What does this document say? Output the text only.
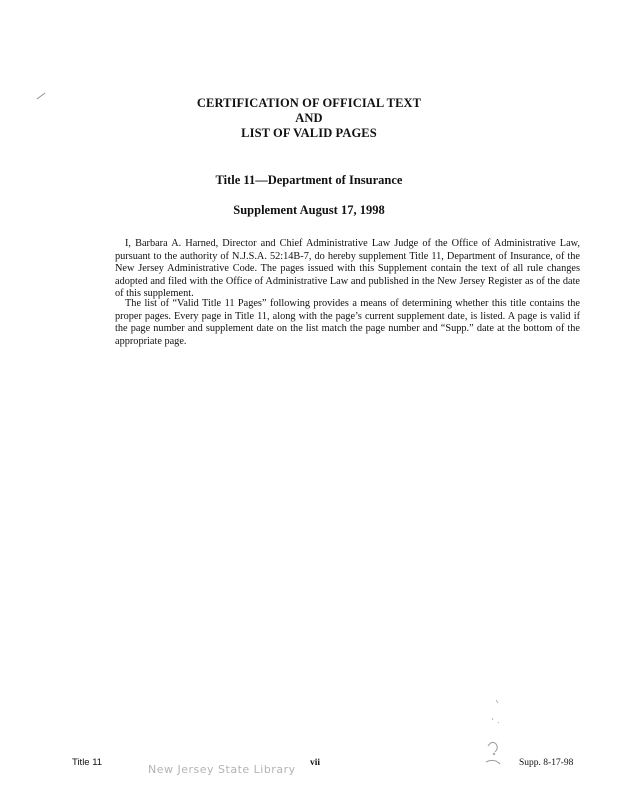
CERTIFICATION OF OFFICIAL TEXT
AND
LIST OF VALID PAGES
Title 11—Department of Insurance
Supplement August 17, 1998
I, Barbara A. Harned, Director and Chief Administrative Law Judge of the Office of Administrative Law, pursuant to the authority of N.J.S.A. 52:14B-7, do hereby supplement Title 11, Department of Insurance, of the New Jersey Administrative Code. The pages issued with this Supplement contain the text of all rule changes adopted and filed with the Office of Administrative Law and published in the New Jersey Register as of the date of this supplement.
The list of “Valid Title 11 Pages” following provides a means of determining whether this title contains the proper pages. Every page in Title 11, along with the page’s current supplement date, is listed. A page is valid if the page number and supplement date on the list match the page number and “Supp.” date at the bottom of the appropriate page.
Title 11	vii	Supp. 8-17-98
New Jersey State Library
